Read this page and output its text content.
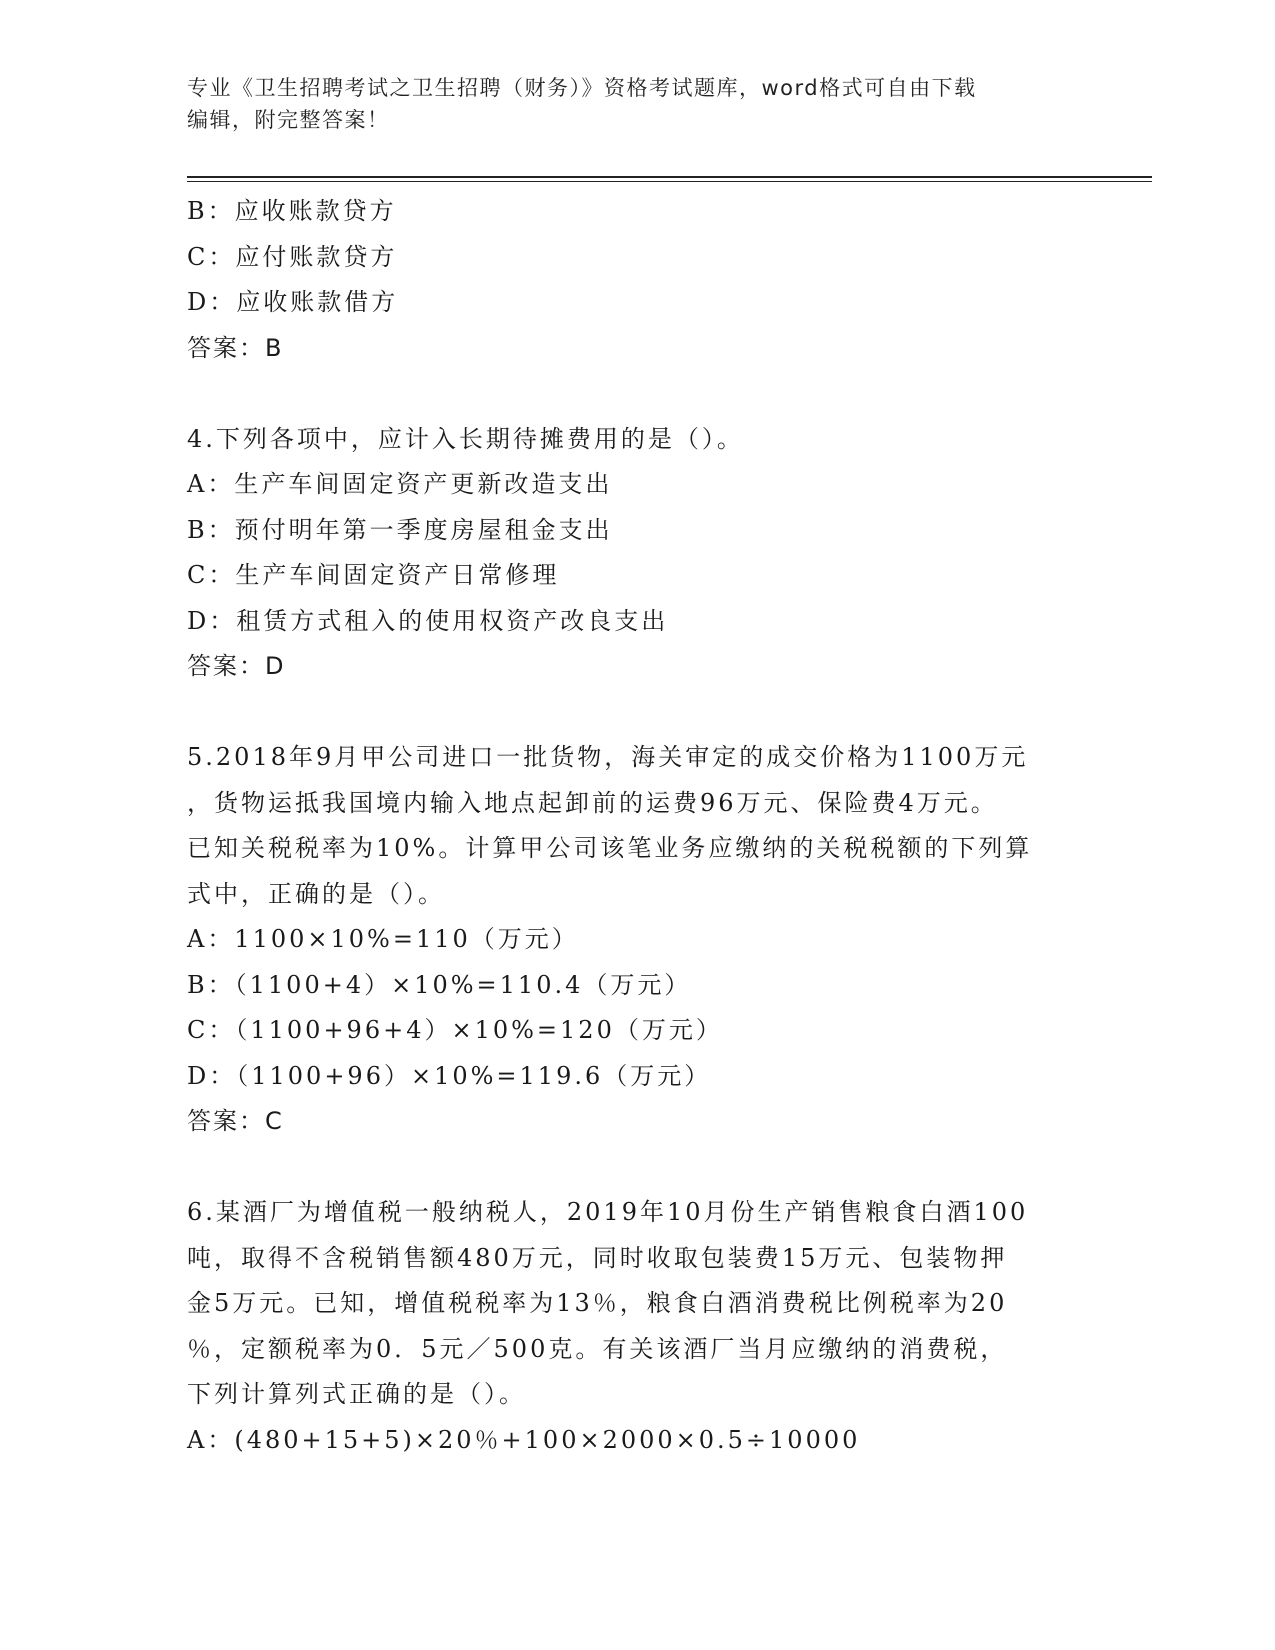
专业《卫生招聘考试之卫生招聘（财务）》资格考试题库，word格式可自由下载
编辑，附完整答案！
B：应收账款贷方
C：应付账款贷方
D：应收账款借方
答案：B
4.下列各项中，应计入长期待摊费用的是（）。
A：生产车间固定资产更新改造支出
B：预付明年第一季度房屋租金支出
C：生产车间固定资产日常修理
D：租赁方式租入的使用权资产改良支出
答案：D
5.2018年9月甲公司进口一批货物，海关审定的成交价格为1100万元
，货物运抵我国境内输入地点起卸前的运费96万元、保险费4万元。
已知关税税率为10%。计算甲公司该笔业务应缴纳的关税税额的下列算
式中，正确的是（）。
A：1100×10%=110（万元）
B：（1100+4）×10%=110.4（万元）
C：（1100+96+4）×10%=120（万元）
D：（1100+96）×10%=119.6（万元）
答案：C
6.某酒厂为增值税一般纳税人，2019年10月份生产销售粮食白酒100
吨，取得不含税销售额480万元，同时收取包装费15万元、包装物押
金5万元。已知，增值税税率为13％，粮食白酒消费税比例税率为20
％，定额税率为0．5元／500克。有关该酒厂当月应缴纳的消费税，
下列计算列式正确的是（）。
A：(480+15+5)×20％+100×2000×0.5÷10000
